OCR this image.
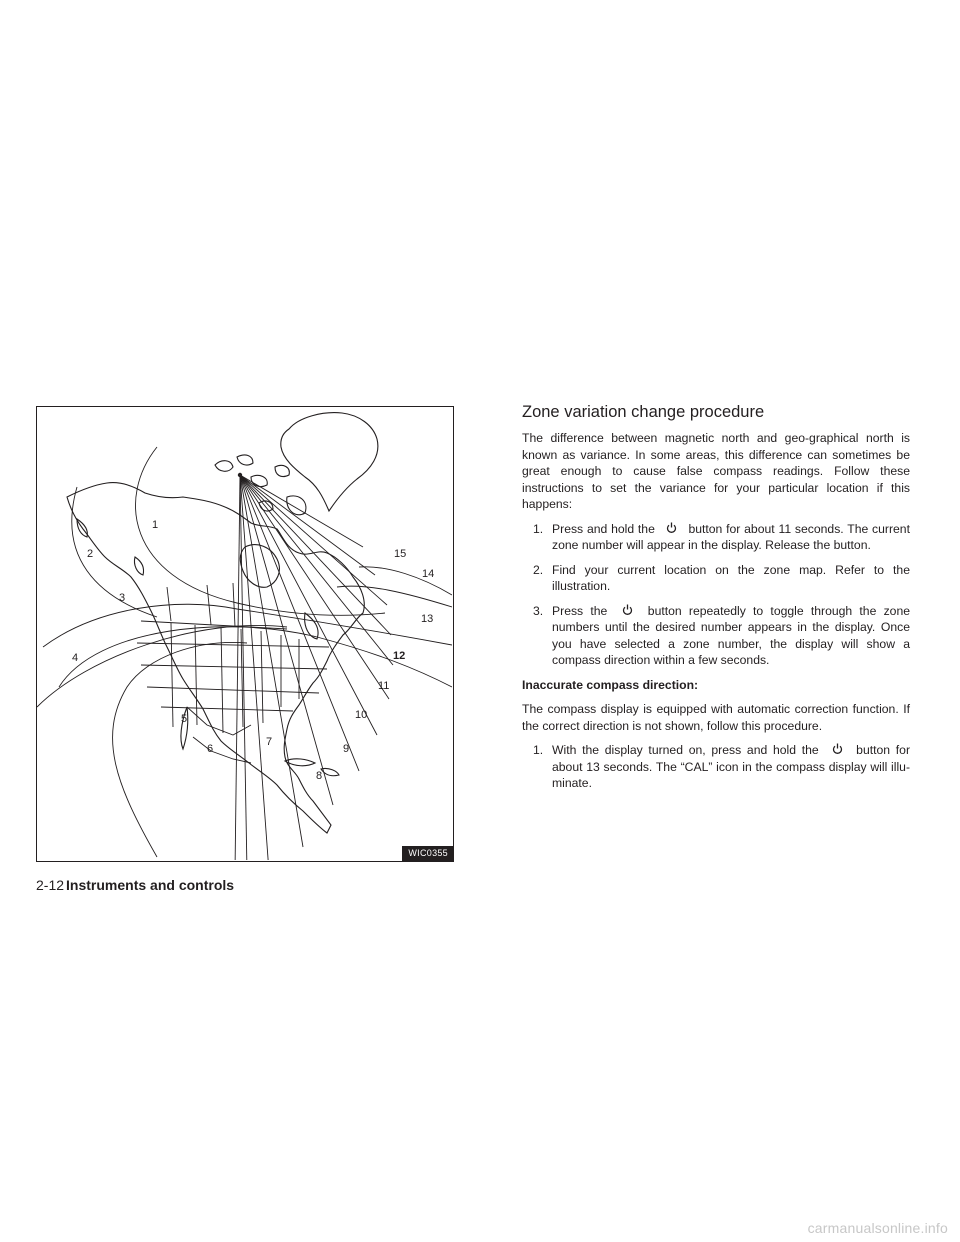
1
2
3
4
5
6
7
8
9
10
11
12
13
14
15
WIC0355
Zone variation change procedure

The difference between magnetic north and geo-graphical north is known as variance. In some areas, this difference can sometimes be great enough to cause false compass readings. Follow these instructions to set the variance for your particular location if this happens:

1. Press and hold the	button for about 11 seconds. The current zone number will appear in the display. Release the button.
2. Find your current location on the zone map. Refer to the illustration.
3. Press the	button repeatedly to toggle through the zone numbers until the desired number appears in the display. Once you have selected a zone number, the display will show a compass direction within a few seconds.

Inaccurate compass direction:

The compass display is equipped with automatic correction function. If the correct direction is not shown, follow this procedure.

1. With the display turned on, press and hold the	button for about 13 seconds. The “CAL” icon in the compass display will illu-minate.
2-12 Instruments and controls
carmanualsonline.info
